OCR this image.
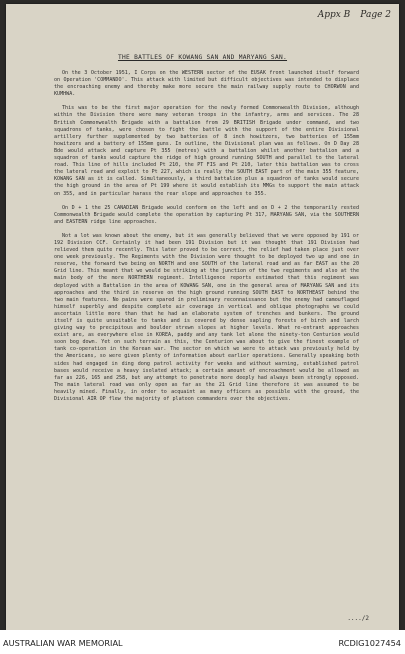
Appx B Page 2
THE BATTLES OF KOWANG SAN AND MARYANG SAN.

On the 3 October 1951, I Corps on the WESTERN sector of the EUSAK front launched itself forward on Operation 'COMMANDO'. This attack with limited but difficult objectives was intended to displace the encroaching enemy and thereby make more secure the main railway supply route to CHORWON and KUMHWA.

This was to be the first major operation for the newly formed Commonwealth Division, although within the Division there were many veteran troops in the infantry, arms and services. The 28 British Commonwealth Brigade with a battalion from 29 BRITISH Brigade under command, and two squadrons of tanks, were chosen to fight the battle with the support of the entire Divisional artillery further supplemented by two batteries of 8 inch howitzers, two batteries of 155mm howitzers and a battery of 155mm guns. In outline, the Divisional plan was as follows. On D Day 28 Bde would attack and capture Pt 355 (metres) with a battalion whilst another battalion and a squadron of tanks would capture the ridge of high ground running SOUTH and parallel to the lateral road. This line of hills included Pt 210, the PT FIS and Pt 210, later this battalion was to cross the lateral road and exploit to Pt 227, which is really the SOUTH EAST part of the main 355 feature, KOWANG SAN as it is called. Simultaneously, a third battalion plus a squadron of tanks would secure the high ground in the area of Pt 199 where it would establish its MMGs to support the main attack on 355, and in particular harass the rear slope and approaches to 355.

On D + 1 the 25 CANADIAN Brigade would conform on the left and on D + 2 the temporarily rested Commonwealth Brigade would complete the operation by capturing Pt 317, MARYANG SAN, via the SOUTHERN and EASTERN ridge line approaches.

Not a lot was known about the enemy, but it was generally believed that we were opposed by 191 or 192 Division CCF. Certainly it had been 191 Division but it was thought that 191 Division had relieved them quite recently. This later proved to be correct, the relief had taken place just over one week previously. The Regiments with the Division were thought to be deployed two up and one in reserve, the forward two being on NORTH and one SOUTH of the lateral road and as far EAST as the 20 Grid line. This meant that we would be striking at the junction of the two regiments and also at the main body of the more NORTHERN regiment. Intelligence reports estimated that this regiment was deployed with a Battalion in the area of KOWANG SAN, one in the general area of MARYANG SAN and its approaches and the third in reserve on the high ground running SOUTH EAST to NORTHEAST behind the two main features. No pains were spared in preliminary reconnaissance but the enemy had camouflaged himself superbly and despite complete air coverage in vertical and oblique photographs we could ascertain little more than that he had an elaborate system of trenches and bunkers. The ground itself is quite unsuitable to tanks and is covered by dense sapling forests of birch and larch giving way to precipitous and boulder strewn slopes at higher levels. What re-entrant approaches exist are, as everywhere else in KOREA, paddy and any tank let alone the ninety-ton Centurion would soon bog down. Yet on such terrain as this, the Centurion was about to give the finest example of tank co-operation in the Korean war. The sector on which we were to attack was previously held by the Americans, so were given plenty of information about earlier operations. Generally speaking both sides had engaged in ding dong patrol activity for weeks and without warning, established patrol bases would receive a heavy isolated attack; a certain amount of encroachment would be allowed as far as 226, 165 and 258, but any attempt to penetrate more deeply had always been strongly opposed. The main lateral road was only open as far as the 21 Grid line therefore it was assumed to be heavily mined. Finally, in order to acquaint as many officers as possible with the ground, the Divisional AIR OP flew the majority of platoon commanders over the objectives.

..../2
AUSTRALIAN WAR MEMORIAL	RCDIG1027454
